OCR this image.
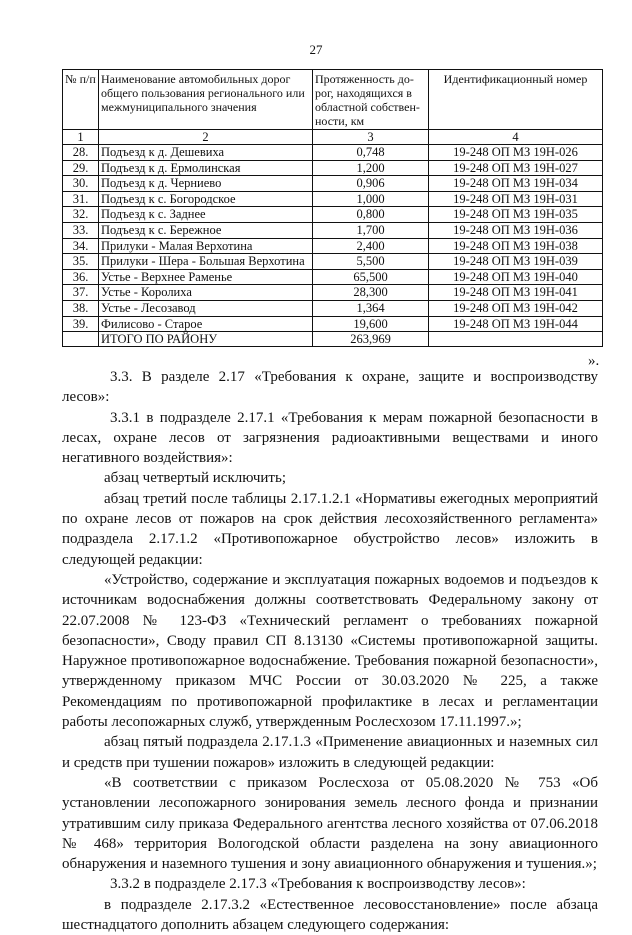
27
№ п/п	Наименование автомобильных дорог общего пользования регионального или межмуниципального значения	Протяженность до-рог, находящихся в областной собствен-ности, км	Идентификационный номер
1	2	3	4
28.	Подъезд к д. Дешевиха	0,748	19-248 ОП МЗ 19Н-026
29.	Подъезд к д. Ермолинская	1,200	19-248 ОП МЗ 19Н-027
30.	Подъезд к д. Черниево	0,906	19-248 ОП МЗ 19Н-034
31.	Подъезд к с. Богородское	1,000	19-248 ОП МЗ 19Н-031
32.	Подъезд к с. Заднее	0,800	19-248 ОП МЗ 19Н-035
33.	Подъезд к с. Бережное	1,700	19-248 ОП МЗ 19Н-036
34.	Прилуки - Малая Верхотина	2,400	19-248 ОП МЗ 19Н-038
35.	Прилуки - Шера - Большая Верхотина	5,500	19-248 ОП МЗ 19Н-039
36.	Устье - Верхнее Раменье	65,500	19-248 ОП МЗ 19Н-040
37.	Устье - Королиха	28,300	19-248 ОП МЗ 19Н-041
38.	Устье - Лесозавод	1,364	19-248 ОП МЗ 19Н-042
39.	Филисово - Старое	19,600	19-248 ОП МЗ 19Н-044
	ИТОГО ПО РАЙОНУ	263,969	
».

3.3. В разделе 2.17 «Требования к охране, защите и воспроизводству лесов»:

3.3.1 в подразделе 2.17.1 «Требования к мерам пожарной безопасности в лесах, охране лесов от загрязнения радиоактивными веществами и иного негативного воздействия»:

абзац четвертый исключить;

абзац третий после таблицы 2.17.1.2.1 «Нормативы ежегодных мероприятий по охране лесов от пожаров на срок действия лесохозяйственного регламента» подраздела 2.17.1.2 «Противопожарное обустройство лесов» изложить в следующей редакции:

«Устройство, содержание и эксплуатация пожарных водоемов и подъездов к источникам водоснабжения должны соответствовать Федеральному закону от 22.07.2008 № 123-ФЗ «Технический регламент о требованиях пожарной безопасности», Своду правил СП 8.13130 «Системы противопожарной защиты. Наружное противопожарное водоснабжение. Требования пожарной безопасности», утвержденному приказом МЧС России от 30.03.2020 № 225, а также Рекомендациям по противопожарной профилактике в лесах и регламентации работы лесопожарных служб, утвержденным Рослесхозом 17.11.1997.»;

абзац пятый подраздела 2.17.1.3 «Применение авиационных и наземных сил и средств при тушении пожаров» изложить в следующей редакции:

«В соответствии с приказом Рослесхоза от 05.08.2020 № 753 «Об установлении лесопожарного зонирования земель лесного фонда и признании утратившим силу приказа Федерального агентства лесного хозяйства от 07.06.2018 № 468» территория Вологодской области разделена на зону авиационного обнаружения и наземного тушения и зону авиационного обнаружения и тушения.»;

3.3.2 в подразделе 2.17.3 «Требования к воспроизводству лесов»:

в подразделе 2.17.3.2 «Естественное лесовосстановление» после абзаца шестнадцатого дополнить абзацем следующего содержания:
